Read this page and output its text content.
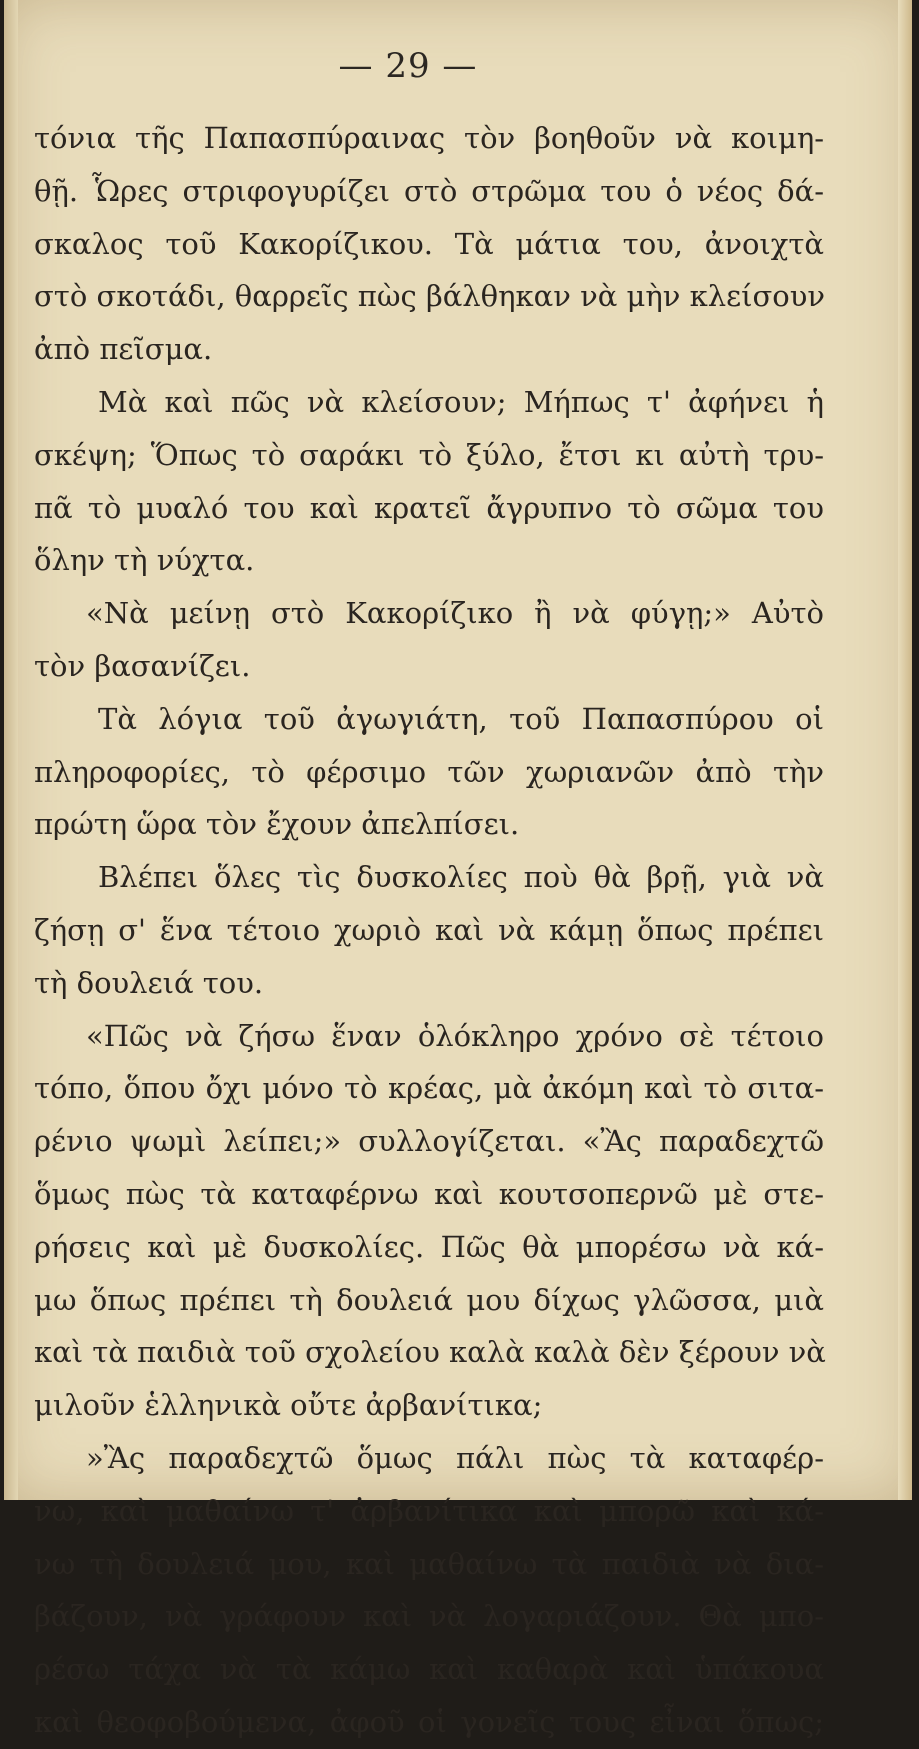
— 29 —
τόνια τῆς Παπασπύραινας τὸν βοηθοῦν νὰ κοιμη-
θῇ. Ὧρες στριφογυρίζει στὸ στρῶμα του ὁ νέος δά-
σκαλος τοῦ Κακορίζικου. Τὰ μάτια του, ἀνοιχτὰ
στὸ σκοτάδι, θαρρεῖς πὼς βάλθηκαν νὰ μὴν κλείσουν
ἀπὸ πεῖσμα.
Μὰ καὶ πῶς νὰ κλείσουν; Μήπως τ' ἀφήνει ἡ
σκέψη; Ὅπως τὸ σαράκι τὸ ξύλο, ἔτσι κι αὐτὴ τρυ-
πᾶ τὸ μυαλό του καὶ κρατεῖ ἄγρυπνο τὸ σῶμα του
ὅλην τὴ νύχτα.
«Νὰ μείνῃ στὸ Κακορίζικο ἢ νὰ φύγῃ;» Αὐτὸ
τὸν βασανίζει.
Τὰ λόγια τοῦ ἀγωγιάτη, τοῦ Παπασπύρου οἱ
πληροφορίες, τὸ φέρσιμο τῶν χωριανῶν ἀπὸ τὴν
πρώτη ὥρα τὸν ἔχουν ἀπελπίσει.
Βλέπει ὅλες τὶς δυσκολίες ποὺ θὰ βρῇ, γιὰ νὰ
ζήσῃ σ' ἕνα τέτοιο χωριὸ καὶ νὰ κάμῃ ὅπως πρέπει
τὴ δουλειά του.
«Πῶς νὰ ζήσω ἕναν ὁλόκληρο χρόνο σὲ τέτοιο
τόπο, ὅπου ὄχι μόνο τὸ κρέας, μὰ ἀκόμη καὶ τὸ σιτα-
ρένιο ψωμὶ λείπει;» συλλογίζεται. «Ἂς παραδεχτῶ
ὅμως πὼς τὰ καταφέρνω καὶ κουτσοπερνῶ μὲ στε-
ρήσεις καὶ μὲ δυσκολίες. Πῶς θὰ μπορέσω νὰ κά-
μω ὅπως πρέπει τὴ δουλειά μου δίχως γλῶσσα, μιὰ
καὶ τὰ παιδιὰ τοῦ σχολείου καλὰ καλὰ δὲν ξέρουν νὰ
μιλοῦν ἑλληνικὰ οὔτε ἀρβανίτικα;
»Ἂς παραδεχτῶ ὅμως πάλι πὼς τὰ καταφέρ-
νω, καὶ μαθαίνω τ' ἀρβανίτικα καὶ μπορῶ καὶ κά-
νω τὴ δουλειά μου, καὶ μαθαίνω τὰ παιδιὰ νὰ δια-
βάζουν, νὰ γράφουν καὶ νὰ λογαριάζουν. Θὰ μπο-
ρέσω τάχα νὰ τὰ κάμω καὶ καθαρὰ καὶ ὑπάκουα
καὶ θεοφοβούμενα, ἀφοῦ οἱ γονεῖς τους εἶναι ὅπως;
